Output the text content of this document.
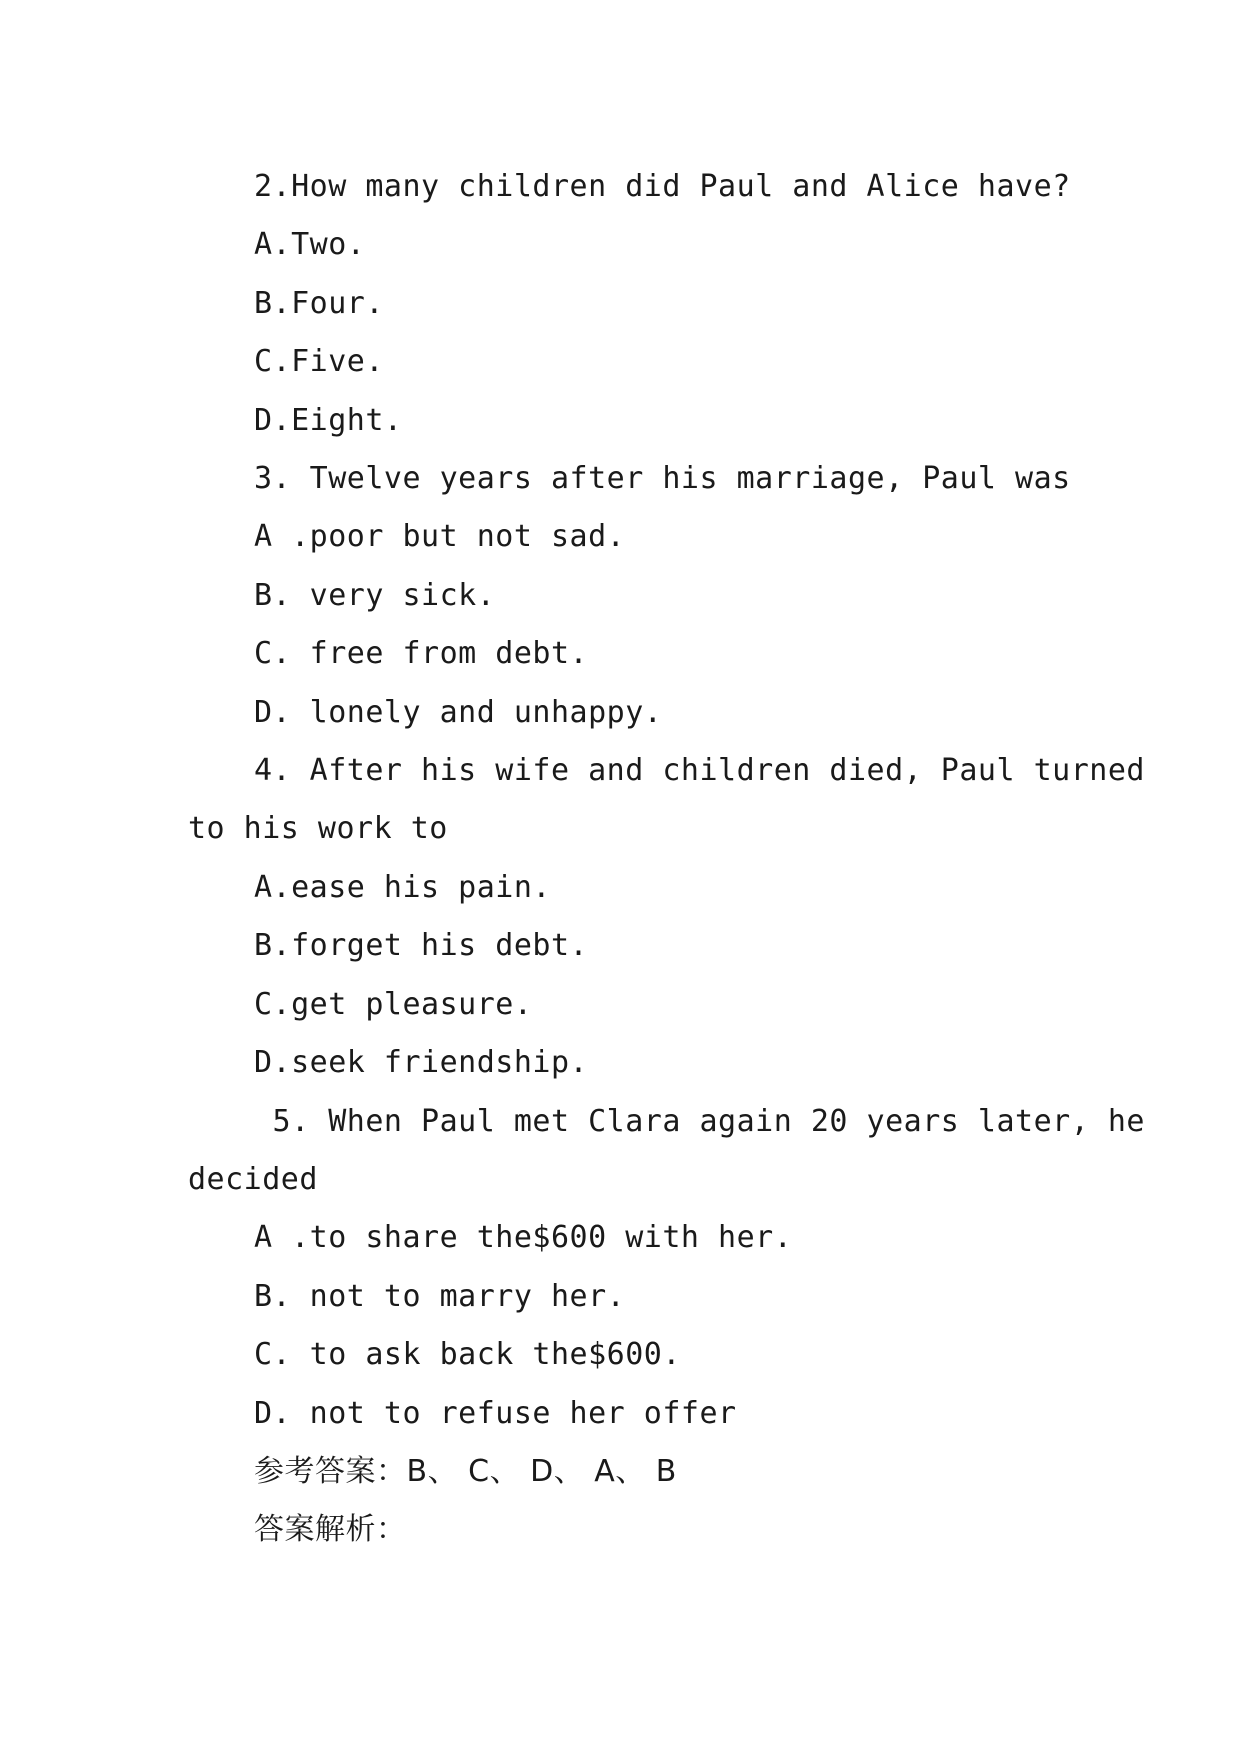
2.How many children did Paul and Alice have?
A.Two.
B.Four.
C.Five.
D.Eight.
3. Twelve years after his marriage, Paul was
A .poor but not sad.
B. very sick.
C. free from debt.
D. lonely and unhappy.
4. After his wife and children died, Paul turned
to his work to
A.ease his pain.
B.forget his debt.
C.get pleasure.
D.seek friendship.
5. When Paul met Clara again 20 years later, he
decided
A .to share the$600 with her.
B. not to marry her.
C. to ask back the$600.
D. not to refuse her offer
参考答案：B、 C、 D、 A、 B
答案解析：
